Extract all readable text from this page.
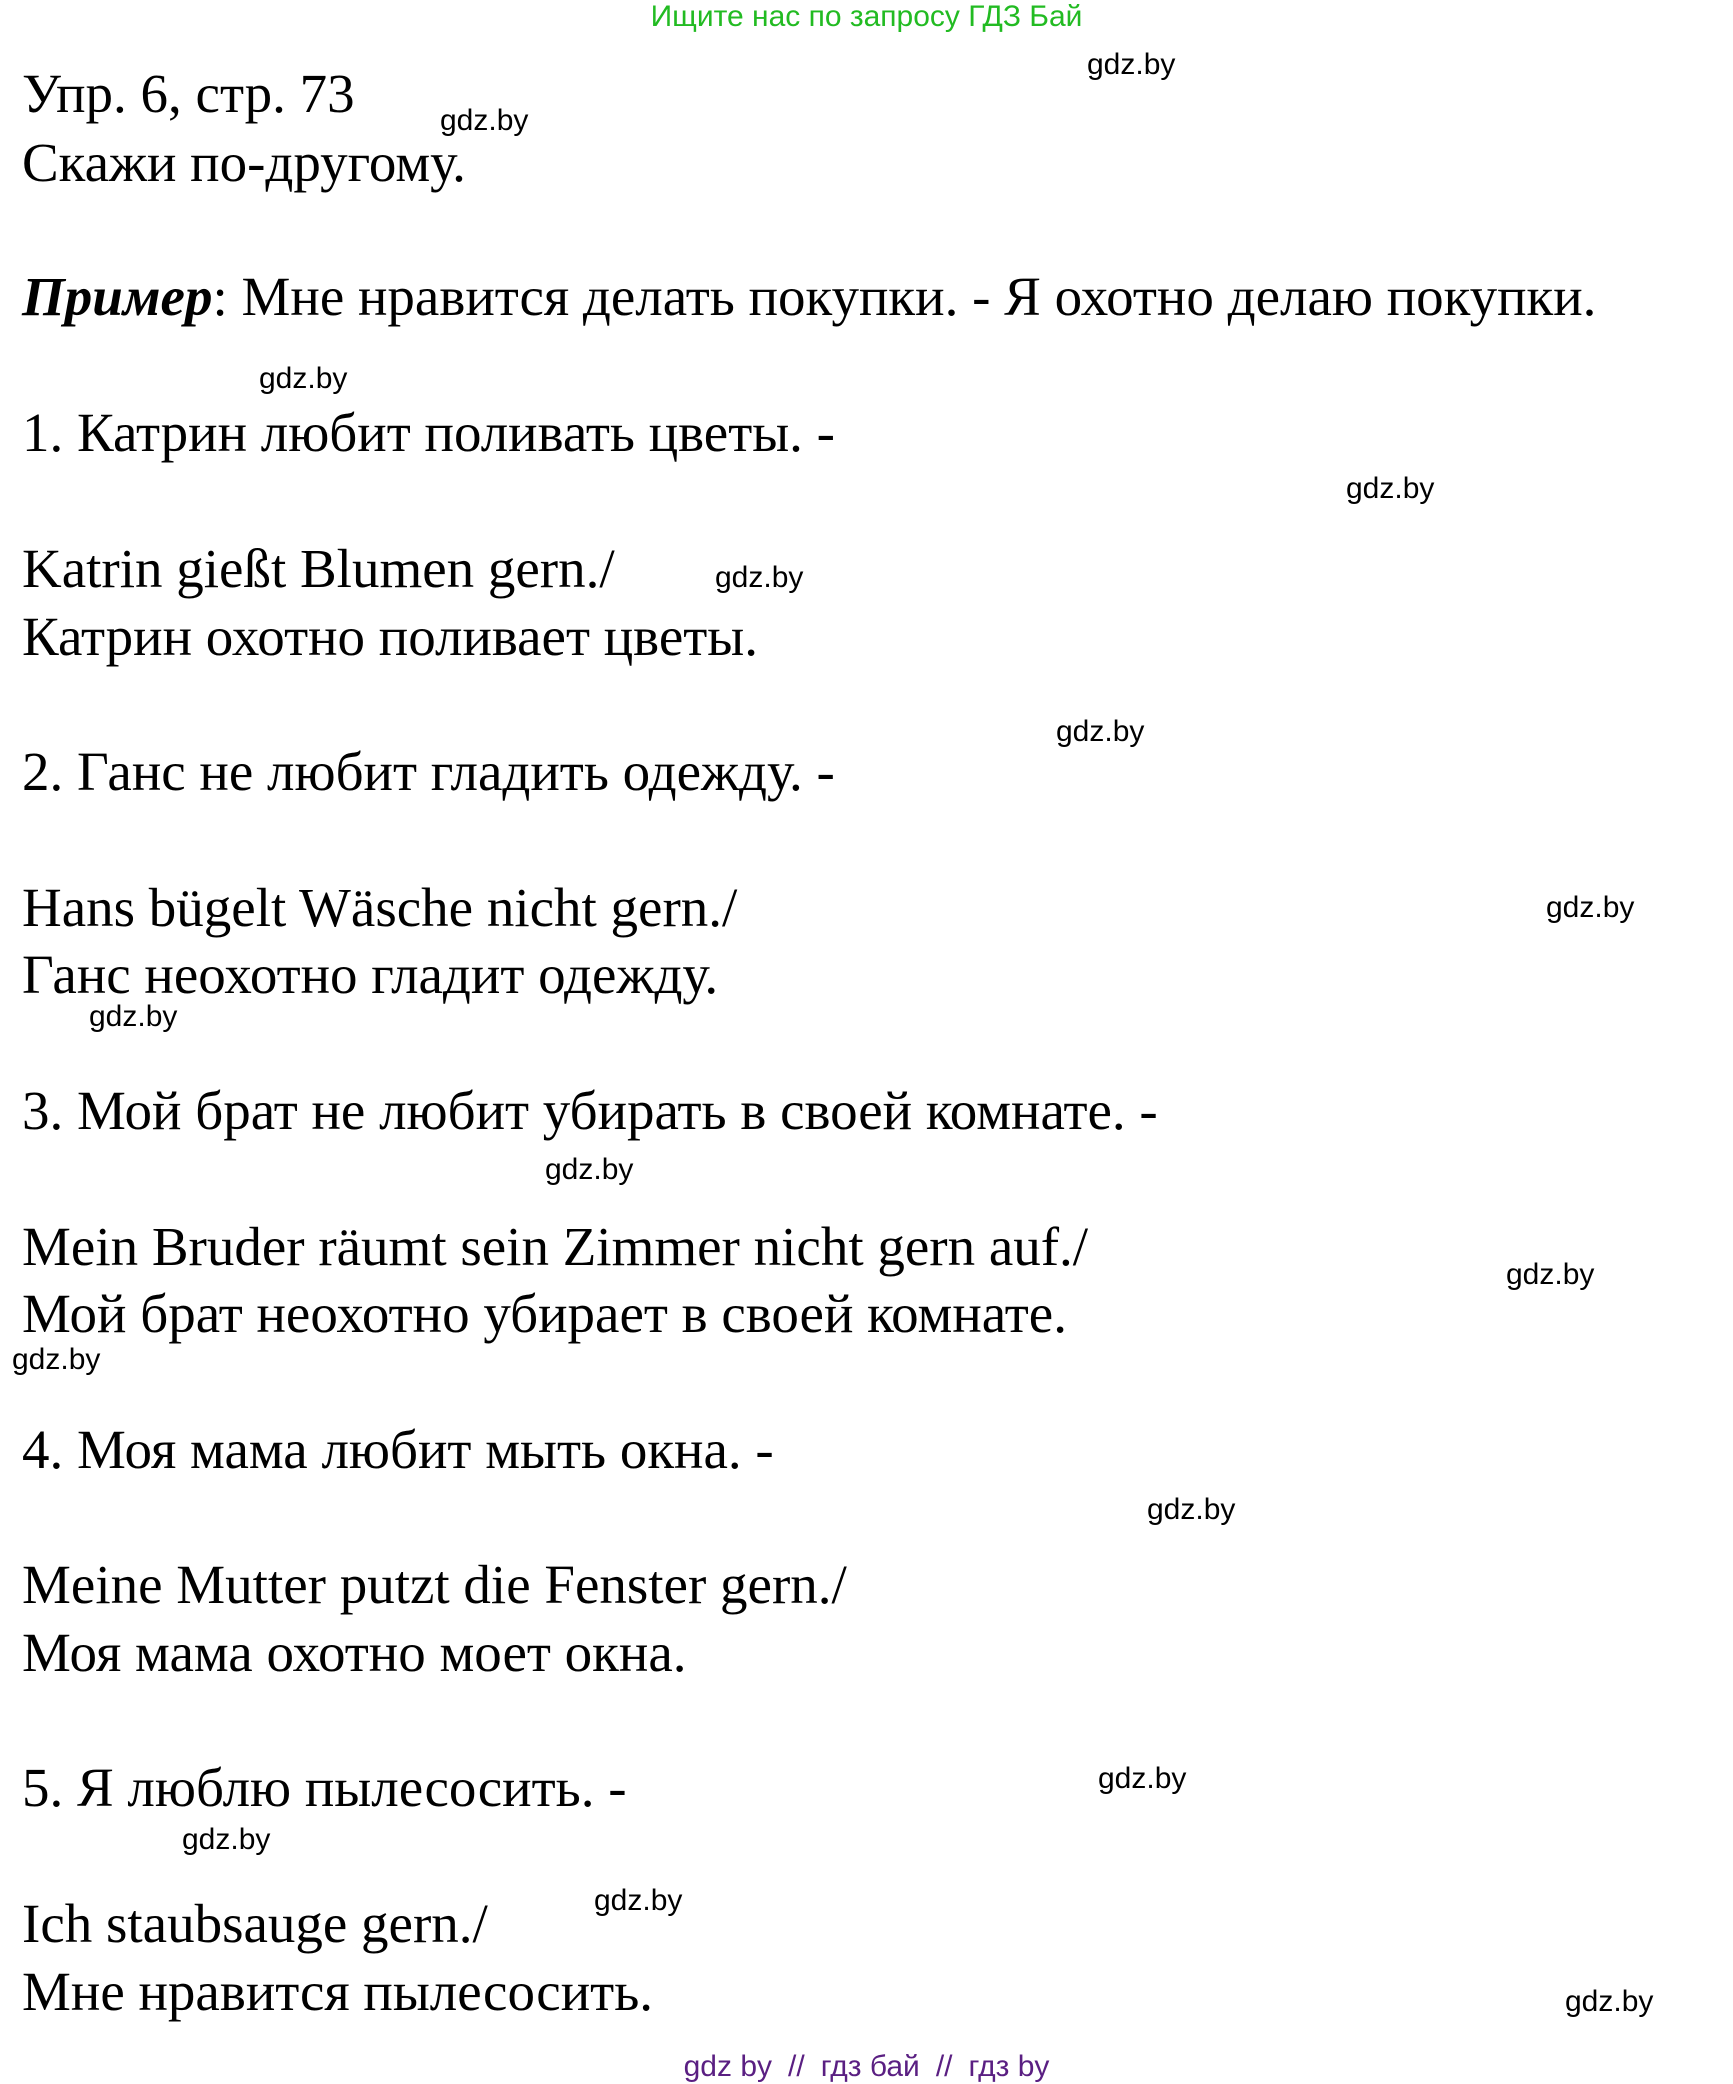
Ищите нас по запросу ГДЗ Бай
Упр. 6, стр. 73
Скажи по-другому.
Пример: Мне нравится делать покупки. - Я охотно делаю покупки.
1. Катрин любит поливать цветы. -
Katrin gießt Blumen gern./
Катрин охотно поливает цветы.
2. Ганс не любит гладить одежду. -
Hans bügelt Wäsche nicht gern./
Ганс неохотно гладит одежду.
3. Мой брат не любит убирать в своей комнате. -
Mein Bruder räumt sein Zimmer nicht gern auf./
Мой брат неохотно убирает в своей комнате.
4. Моя мама любит мыть окна. -
Meine Mutter putzt die Fenster gern./
Моя мама охотно моет окна.
5. Я люблю пылесосить. -
Ich staubsauge gern./
Мне нравится пылесосить.
gdz.by
gdz.by
gdz.by
gdz.by
gdz.by
gdz.by
gdz.by
gdz.by
gdz.by
gdz.by
gdz.by
gdz.by
gdz.by
gdz.by
gdz.by
gdz.by
gdz by // гдз бай // гдз by
